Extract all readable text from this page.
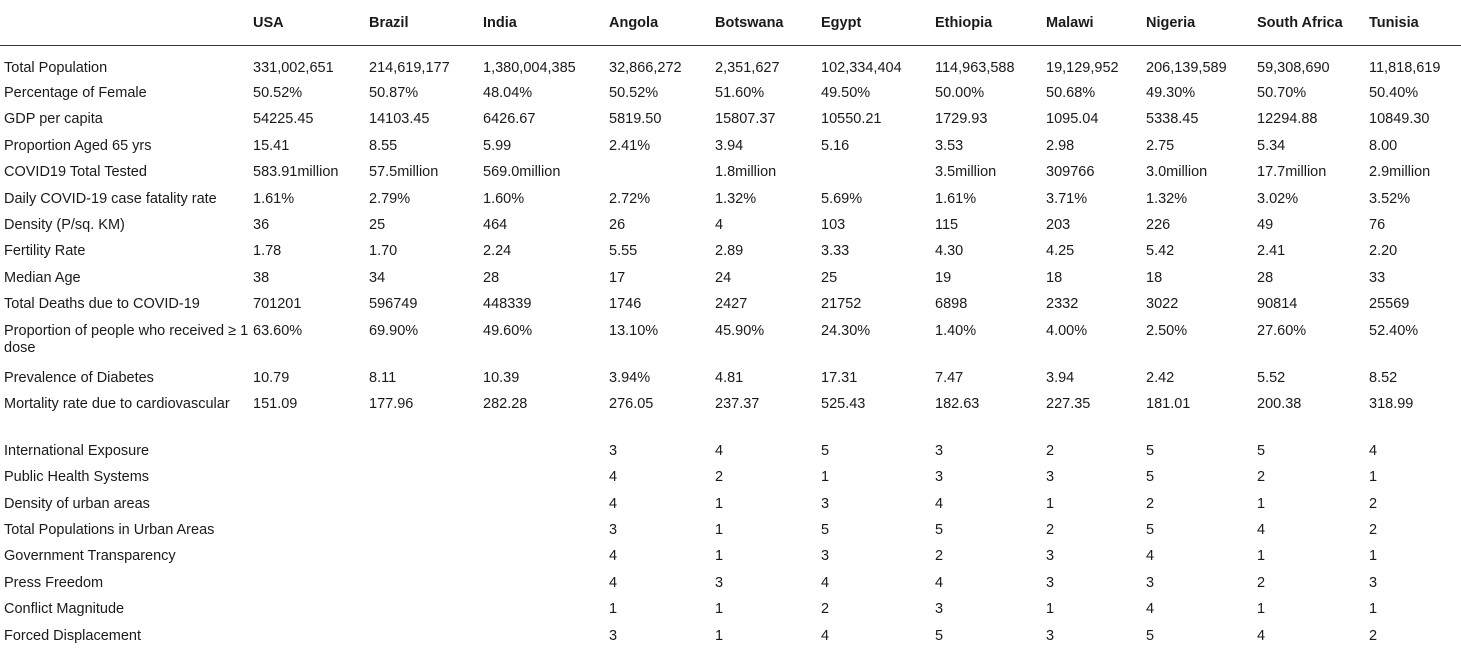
	USA	Brazil	India	Angola	Botswana	Egypt	Ethiopia	Malawi	Nigeria	South Africa	Tunisia
Total Population	331,002,651	214,619,177	1,380,004,385	32,866,272	2,351,627	102,334,404	114,963,588	19,129,952	206,139,589	59,308,690	11,818,619
Percentage of Female	50.52%	50.87%	48.04%	50.52%	51.60%	49.50%	50.00%	50.68%	49.30%	50.70%	50.40%
GDP per capita	54225.45	14103.45	6426.67	5819.50	15807.37	10550.21	1729.93	1095.04	5338.45	12294.88	10849.30
Proportion Aged 65 yrs	15.41	8.55	5.99	2.41%	3.94	5.16	3.53	2.98	2.75	5.34	8.00
COVID19 Total Tested	583.91million	57.5million	569.0million		1.8million		3.5million	309766	3.0million	17.7million	2.9million
Daily COVID-19 case fatality rate	1.61%	2.79%	1.60%	2.72%	1.32%	5.69%	1.61%	3.71%	1.32%	3.02%	3.52%
Density (P/sq. KM)	36	25	464	26	4	103	115	203	226	49	76
Fertility Rate	1.78	1.70	2.24	5.55	2.89	3.33	4.30	4.25	5.42	2.41	2.20
Median Age	38	34	28	17	24	25	19	18	18	28	33
Total Deaths due to COVID-19	701201	596749	448339	1746	2427	21752	6898	2332	3022	90814	25569
Proportion of people who received ≥ 1 dose	63.60%	69.90%	49.60%	13.10%	45.90%	24.30%	1.40%	4.00%	2.50%	27.60%	52.40%
Prevalence of Diabetes	10.79	8.11	10.39	3.94%	4.81	17.31	7.47	3.94	2.42	5.52	8.52
Mortality rate due to cardiovascular	151.09	177.96	282.28	276.05	237.37	525.43	182.63	227.35	181.01	200.38	318.99
International Exposure				3	4	5	3	2	5	5	4
Public Health Systems				4	2	1	3	3	5	2	1
Density of urban areas				4	1	3	4	1	2	1	2
Total Populations in Urban Areas				3	1	5	5	2	5	4	2
Government Transparency				4	1	3	2	3	4	1	1
Press Freedom				4	3	4	4	3	3	2	3
Conflict Magnitude				1	1	2	3	1	4	1	1
Forced Displacement				3	1	4	5	3	5	4	2
